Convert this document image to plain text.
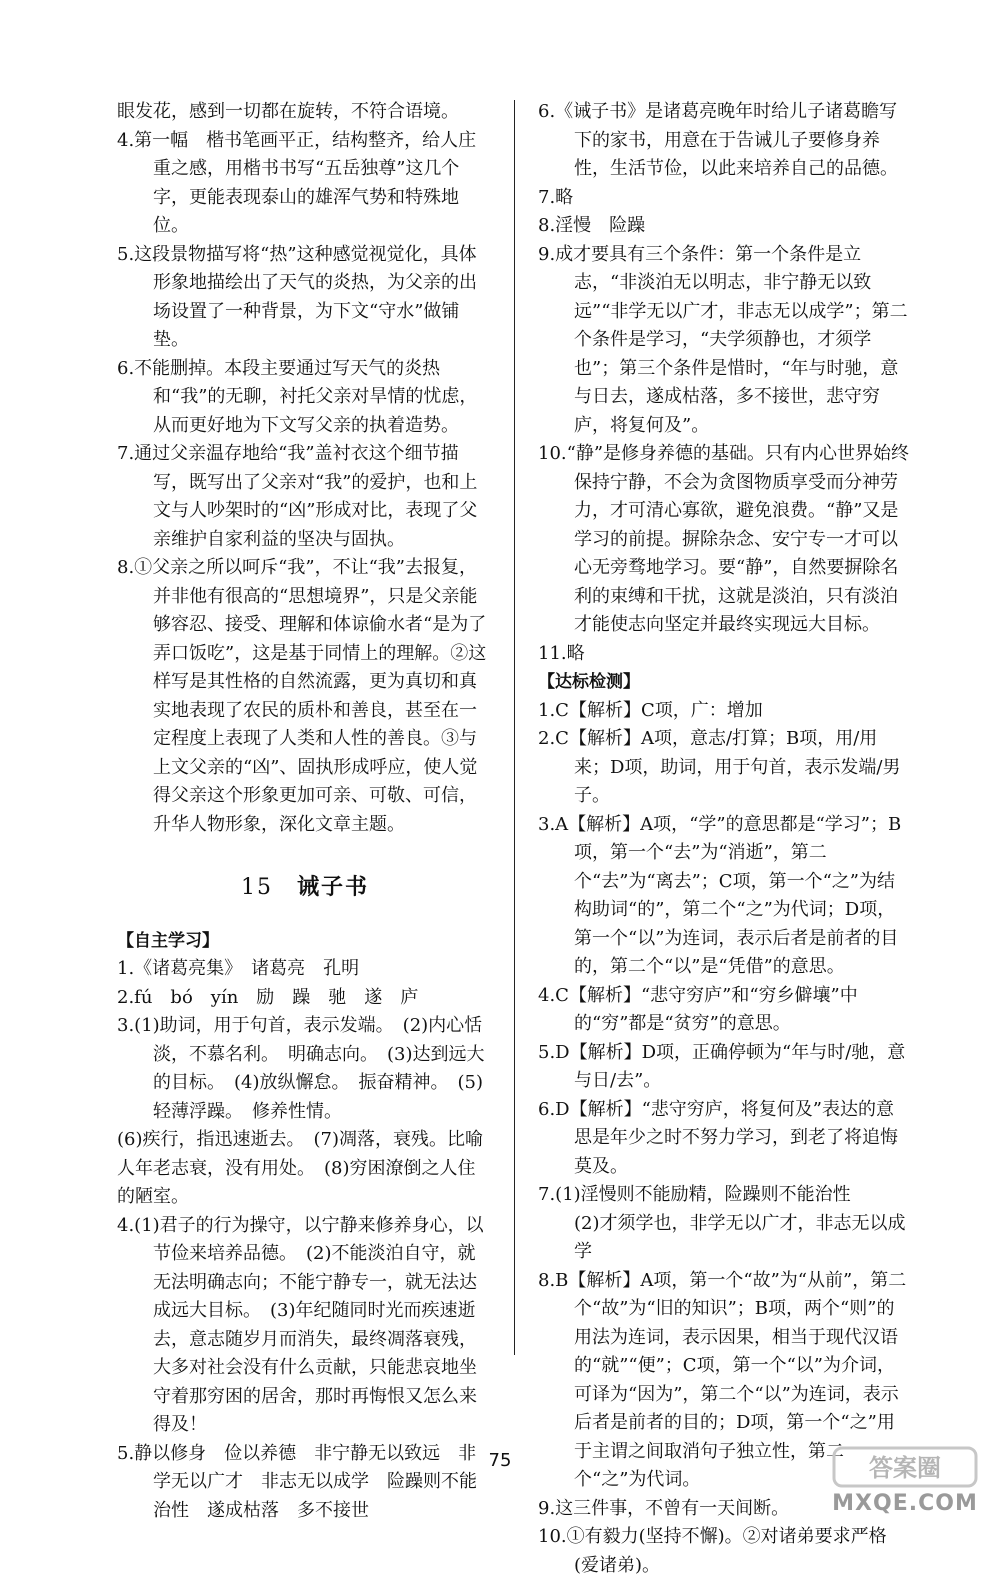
眼发花，感到一切都在旋转，不符合语境。

4.第一幅　楷书笔画平正，结构整齐，给人庄重之感，用楷书书写“五岳独尊”这几个字，更能表现泰山的雄浑气势和特殊地位。

5.这段景物描写将“热”这种感觉视觉化，具体形象地描绘出了天气的炎热，为父亲的出场设置了一种背景，为下文“守水”做铺垫。

6.不能删掉。本段主要通过写天气的炎热和“我”的无聊，衬托父亲对旱情的忧虑，从而更好地为下文写父亲的执着造势。

7.通过父亲温存地给“我”盖衬衣这个细节描写，既写出了父亲对“我”的爱护，也和上文与人吵架时的“凶”形成对比，表现了父亲维护自家利益的坚决与固执。

8.①父亲之所以呵斥“我”，不让“我”去报复，并非他有很高的“思想境界”，只是父亲能够容忍、接受、理解和体谅偷水者“是为了弄口饭吃”，这是基于同情上的理解。②这样写是其性格的自然流露，更为真切和真实地表现了农民的质朴和善良，甚至在一定程度上表现了人类和人性的善良。③与上文父亲的“凶”、固执形成呼应，使人觉得父亲这个形象更加可亲、可敬、可信，升华人物形象，深化文章主题。

15 诫子书

【自主学习】

1.《诸葛亮集》　诸葛亮　孔明

2.fú　bó　yín　励　躁　驰　遂　庐

3.(1)助词，用于句首，表示发端。　(2)内心恬淡，不慕名利。　明确志向。　(3)达到远大的目标。　(4)放纵懈怠。　振奋精神。　(5)轻薄浮躁。　修养性情。

(6)疾行，指迅速逝去。　(7)凋落，衰残。比喻人年老志衰，没有用处。　(8)穷困潦倒之人住的陋室。

4.(1)君子的行为操守，以宁静来修养身心，以节俭来培养品德。　(2)不能淡泊自守，就无法明确志向；不能宁静专一，就无法达成远大目标。　(3)年纪随同时光而疾速逝去，意志随岁月而消失，最终凋落衰残，大多对社会没有什么贡献，只能悲哀地坐守着那穷困的居舍，那时再悔恨又怎么来得及！

5.静以修身　俭以养德　非宁静无以致远　非学无以广才　非志无以成学　险躁则不能治性　遂成枯落　多不接世

6.《诫子书》是诸葛亮晚年时给儿子诸葛瞻写下的家书，用意在于告诫儿子要修身养性，生活节俭，以此来培养自己的品德。

7.略

8.淫慢　险躁

9.成才要具有三个条件：第一个条件是立志，“非淡泊无以明志，非宁静无以致远”“非学无以广才，非志无以成学”；第二个条件是学习，“夫学须静也，才须学也”；第三个条件是惜时，“年与时驰，意与日去，遂成枯落，多不接世，悲守穷庐，将复何及”。

10.“静”是修身养德的基础。只有内心世界始终保持宁静，不会为贪图物质享受而分神劳力，才可清心寡欲，避免浪费。“静”又是学习的前提。摒除杂念、安宁专一才可以心无旁骛地学习。要“静”，自然要摒除名利的束缚和干扰，这就是淡泊，只有淡泊才能使志向坚定并最终实现远大目标。

11.略

【达标检测】

1.C【解析】C项，广：增加

2.C【解析】A项，意志/打算；B项，用/用来；D项，助词，用于句首，表示发端/男子。

3.A【解析】A项，“学”的意思都是“学习”；B项，第一个“去”为“消逝”，第二个“去”为“离去”；C项，第一个“之”为结构助词“的”，第二个“之”为代词；D项，第一个“以”为连词，表示后者是前者的目的，第二个“以”是“凭借”的意思。

4.C【解析】“悲守穷庐”和“穷乡僻壤”中的“穷”都是“贫穷”的意思。

5.D【解析】D项，正确停顿为“年与时/驰，意与日/去”。

6.D【解析】“悲守穷庐，将复何及”表达的意思是年少之时不努力学习，到老了将追悔莫及。

7.(1)淫慢则不能励精，险躁则不能治性

(2)才须学也，非学无以广才，非志无以成学

8.B【解析】A项，第一个“故”为“从前”，第二个“故”为“旧的知识”；B项，两个“则”的用法为连词，表示因果，相当于现代汉语的“就”“便”；C项，第一个“以”为介词，可译为“因为”，第二个“以”为连词，表示后者是前者的目的；D项，第一个“之”用于主谓之间取消句子独立性，第二个“之”为代词。

9.这三件事，不曾有一天间断。

10.①有毅力(坚持不懈)。②对诸弟要求严格(爱诸弟)。

75	答案圈
MXQE.COM
